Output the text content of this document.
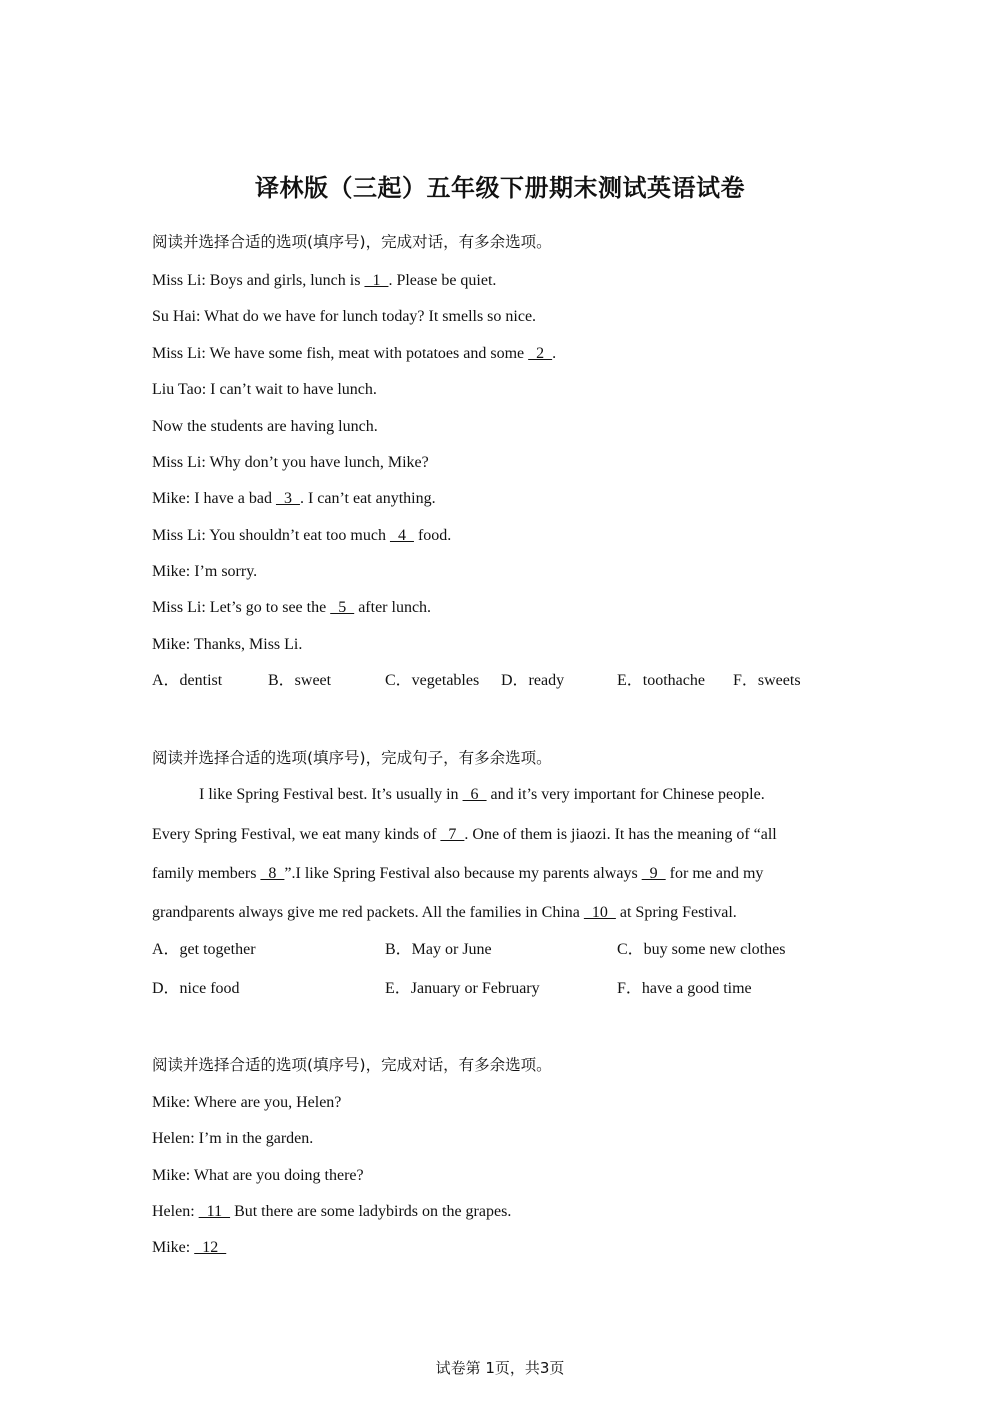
译林版（三起）五年级下册期末测试英语试卷
阅读并选择合适的选项(填序号)，完成对话，有多余选项。
Miss Li: Boys and girls, lunch is   1  . Please be quiet.
Su Hai: What do we have for lunch today? It smells so nice.
Miss Li: We have some fish, meat with potatoes and some   2  .
Liu Tao: I can’t wait to have lunch.
Now the students are having lunch.
Miss Li: Why don’t you have lunch, Mike?
Mike: I have a bad   3  . I can’t eat anything.
Miss Li: You shouldn’t eat too much   4   food.
Mike: I’m sorry.
Miss Li: Let’s go to see the   5   after lunch.
Mike: Thanks, Miss Li.
A．dentist	B．sweet	C．vegetables D．ready	E．toothache F．sweets
阅读并选择合适的选项(填序号)，完成句子，有多余选项。
I like Spring Festival best. It’s usually in   6   and it’s very important for Chinese people.
Every Spring Festival, we eat many kinds of   7  . One of them is jiaozi. It has the meaning of “all
family members   8  ”.I like Spring Festival also because my parents always   9   for me and my
grandparents always give me red packets. All the families in China   10   at Spring Festival.
A．get together	B．May or June	C．buy some new clothes
D．nice food	E．January or February	F．have a good time
阅读并选择合适的选项(填序号)，完成对话，有多余选项。
Mike: Where are you, Helen?
Helen: I’m in the garden.
Mike: What are you doing there?
Helen:   11   But there are some ladybirds on the grapes.
Mike:   12
试卷第 1页，共3页
